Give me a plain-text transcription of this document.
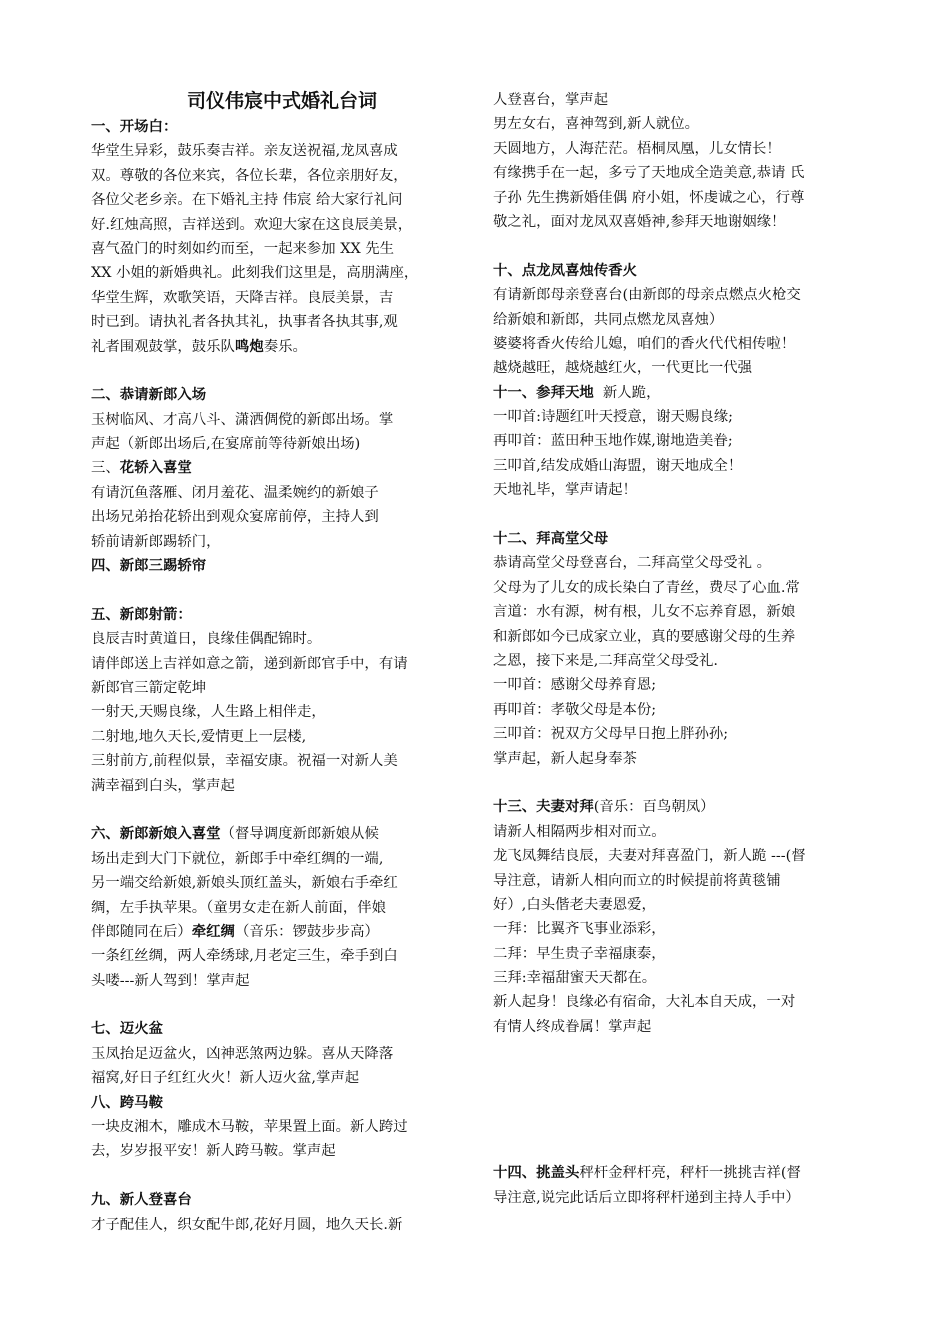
司仪伟宸中式婚礼台词
一、开场白：
华堂生异彩，鼓乐奏吉祥。亲友送祝福,龙凤喜成
双。尊敬的各位来宾，各位长辈，各位亲朋好友，
各位父老乡亲。在下婚礼主持 伟宸 给大家行礼问
好.红烛高照，吉祥送到。欢迎大家在这良辰美景，
喜气盈门的时刻如约而至，一起来参加 XX 先生
XX 小姐的新婚典礼。此刻我们这里是，高朋满座，
华堂生辉，欢歌笑语，天降吉祥。良辰美景，吉
时已到。请执礼者各执其礼，执事者各执其事,观
礼者围观鼓掌，鼓乐队鸣炮奏乐。
二、恭请新郎入场
玉树临风、才高八斗、潇洒倜傥的新郎出场。掌
声起（新郎出场后,在宴席前等待新娘出场)
三、花轿入喜堂
有请沉鱼落雁、闭月羞花、温柔婉约的新娘子
出场兄弟抬花轿出到观众宴席前停，主持人到
轿前请新郎踢轿门，
四、新郎三踢轿帘
五、新郎射箭：
良辰吉时黄道日，良缘佳偶配锦时。
请伴郎送上吉祥如意之箭，递到新郎官手中，有请
新郎官三箭定乾坤
一射天,天赐良缘，人生路上相伴走，
二射地,地久天长,爱情更上一层楼,
三射前方,前程似景，幸福安康。祝福一对新人美
满幸福到白头，掌声起
六、新郎新娘入喜堂（督导调度新郎新娘从候
场出走到大门下就位，新郎手中牵红绸的一端,
另一端交给新娘,新娘头顶红盖头，新娘右手牵红
绸，左手执苹果。（童男女走在新人前面，伴娘
伴郎随同在后）牵红绸（音乐：锣鼓步步高）
一条红丝绸，两人牵绣球,月老定三生，牵手到白
头喽---新人驾到！掌声起
七、迈火盆
玉凤抬足迈盆火，凶神恶煞两边躲。喜从天降落
福窝,好日子红红火火！新人迈火盆,掌声起
八、跨马鞍
一块皮湘木，雕成木马鞍，苹果置上面。新人跨过
去，岁岁报平安！新人跨马鞍。掌声起
九、新人登喜台
才子配佳人，织女配牛郎,花好月圆，地久天长.新
人登喜台，掌声起
男左女右，喜神驾到,新人就位。
天圆地方，人海茫茫。梧桐凤凰，儿女情长！
有缘携手在一起，多亏了天地成全造美意,恭请 氏
子孙 先生携新婚佳偶 府小姐，怀虔诚之心，行尊
敬之礼，面对龙凤双喜婚神,参拜天地谢姻缘！
十、点龙凤喜烛传香火
有请新郎母亲登喜台(由新郎的母亲点燃点火枪交
给新娘和新郎，共同点燃龙凤喜烛）
婆婆将香火传给儿媳，咱们的香火代代相传啦！
越烧越旺，越烧越红火，一代更比一代强
十一、参拜天地  新人跪，
一叩首:诗题红叶天授意，谢天赐良缘;
再叩首：蓝田种玉地作媒,谢地造美眷;
三叩首,结发成婚山海盟，谢天地成全！
天地礼毕，掌声请起！
十二、拜高堂父母
恭请高堂父母登喜台，二拜高堂父母受礼 。
父母为了儿女的成长染白了青丝，费尽了心血.常
言道：水有源，树有根，儿女不忘养育恩，新娘
和新郎如今已成家立业，真的要感谢父母的生养
之恩，接下来是,二拜高堂父母受礼.
一叩首：感谢父母养育恩;
再叩首：孝敬父母是本份;
三叩首：祝双方父母早日抱上胖孙孙;
掌声起，新人起身奉茶
十三、夫妻对拜(音乐：百鸟朝凤）
请新人相隔两步相对而立。
龙飞凤舞结良辰，夫妻对拜喜盈门，新人跪 ---(督
导注意，请新人相向而立的时候提前将黄毯铺
好）,白头偕老夫妻恩爱，
一拜：比翼齐飞事业添彩，
二拜：早生贵子幸福康泰，
三拜:幸福甜蜜天天都在。
新人起身！良缘必有宿命，大礼本自天成，一对
有情人终成眷属！掌声起
十四、挑盖头秤杆金秤杆亮，秤杆一挑挑吉祥(督
导注意,说完此话后立即将秤杆递到主持人手中）
